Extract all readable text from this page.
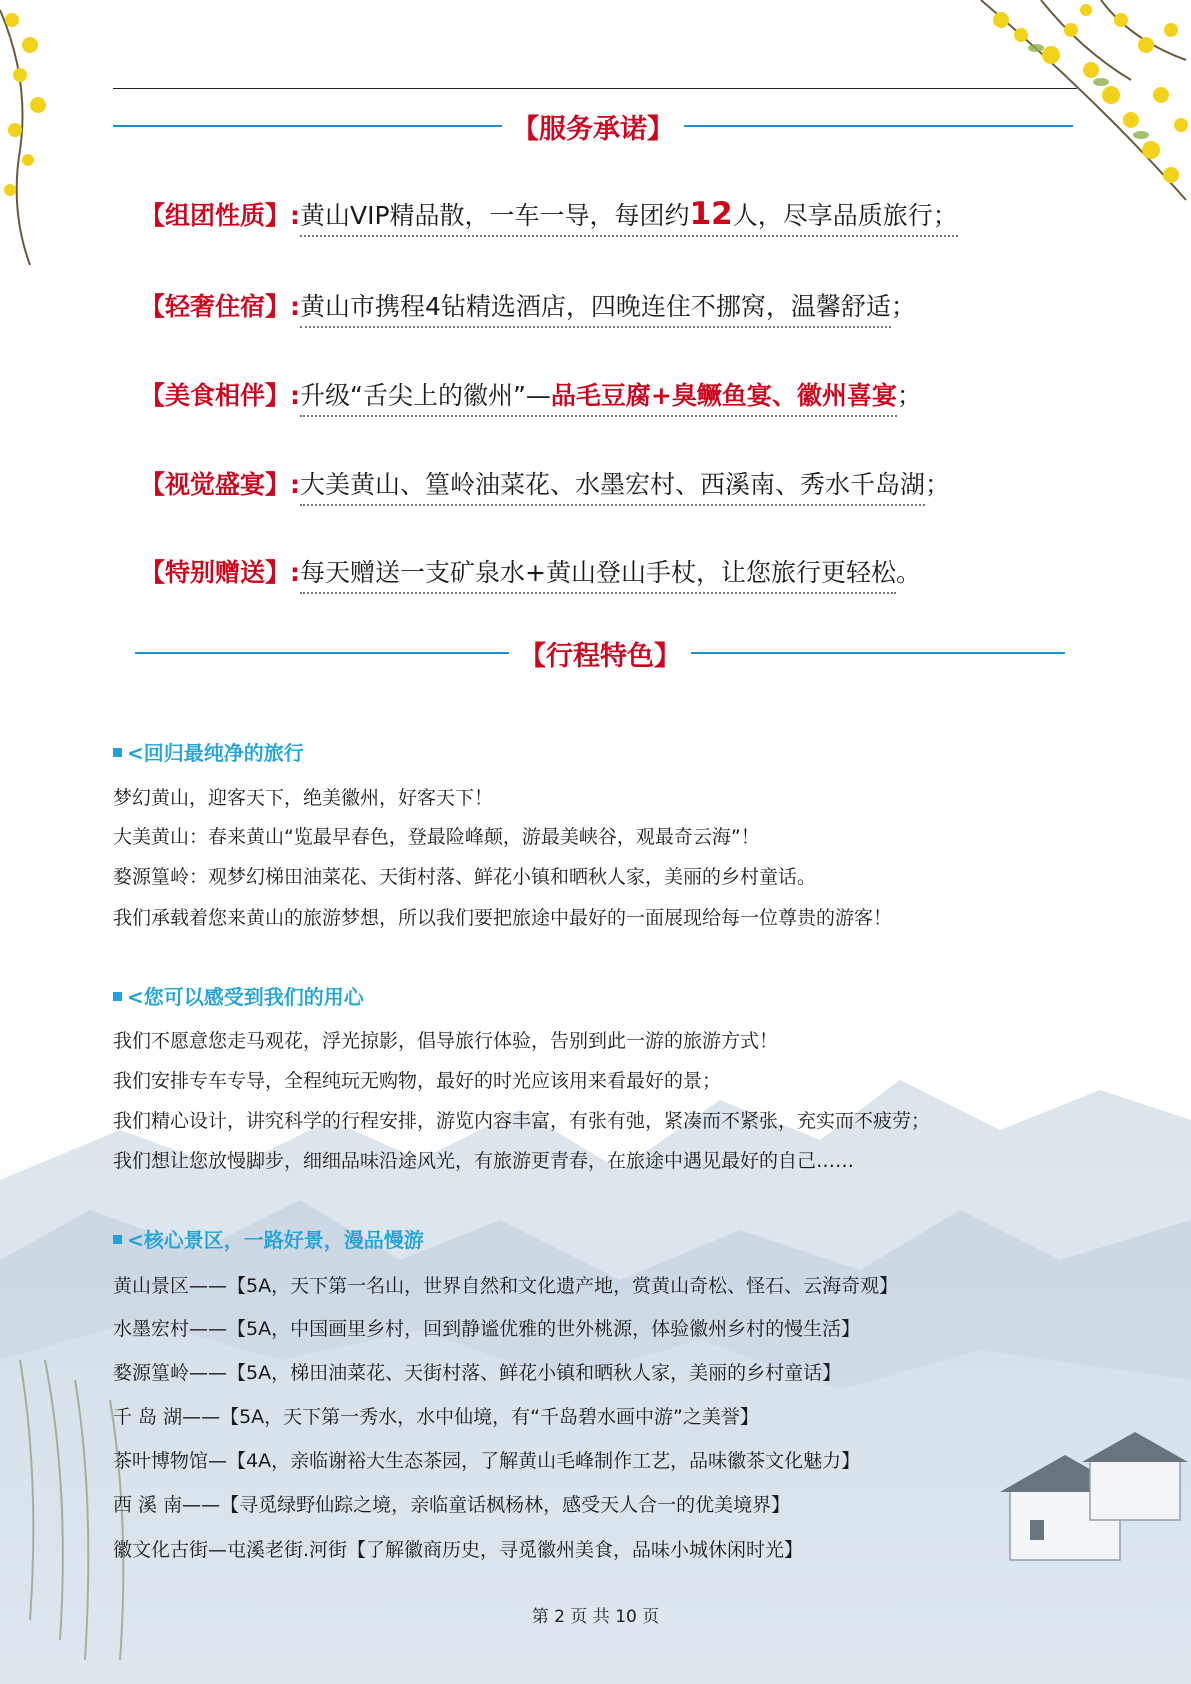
【服务承诺】
【组团性质】: 黄山VIP精品散，一车一导，每团约12人，尽享品质旅行；
【轻奢住宿】: 黄山市携程4钻精选酒店，四晚连住不挪窝，温馨舒适 ；
【美食相伴】: 升级“舌尖上的徽州”—品毛豆腐+臭鳜鱼宴、徽州喜宴 ；
【视觉盛宴】: 大美黄山、篁岭油菜花、水墨宏村、西溪南、秀水千岛湖 ；
【特别赠送】: 每天赠送一支矿泉水+黄山登山手杖，让您旅行更轻松 。
【行程特色】
<回归最纯净的旅行
梦幻黄山，迎客天下，绝美徽州，好客天下！
大美黄山：春来黄山“览最早春色，登最险峰颠，游最美峡谷，观最奇云海”！
婺源篁岭：观梦幻梯田油菜花、天街村落、鲜花小镇和晒秋人家，美丽的乡村童话。
我们承载着您来黄山的旅游梦想，所以我们要把旅途中最好的一面展现给每一位尊贵的游客！
<您可以感受到我们的用心
我们不愿意您走马观花，浮光掠影，倡导旅行体验，告别到此一游的旅游方式！
我们安排专车专导，全程纯玩无购物，最好的时光应该用来看最好的景；
我们精心设计，讲究科学的行程安排，游览内容丰富，有张有弛，紧凑而不紧张，充实而不疲劳；
我们想让您放慢脚步，细细品味沿途风光，有旅游更青春，在旅途中遇见最好的自己……
<核心景区，一路好景，漫品慢游
黄山景区——【5A，天下第一名山，世界自然和文化遗产地，赏黄山奇松、怪石、云海奇观】
水墨宏村——【5A，中国画里乡村，回到静谧优雅的世外桃源，体验徽州乡村的慢生活】
婺源篁岭——【5A，梯田油菜花、天街村落、鲜花小镇和晒秋人家，美丽的乡村童话】
千 岛 湖——【5A，天下第一秀水，水中仙境，有“千岛碧水画中游”之美誉】
茶叶博物馆—【4A，亲临谢裕大生态茶园，了解黄山毛峰制作工艺，品味徽茶文化魅力】
西 溪 南——【寻觅绿野仙踪之境，亲临童话枫杨林，感受天人合一的优美境界】
徽文化古街—屯溪老街.河街【了解徽商历史，寻觅徽州美食，品味小城休闲时光】
第 2 页 共 10 页
